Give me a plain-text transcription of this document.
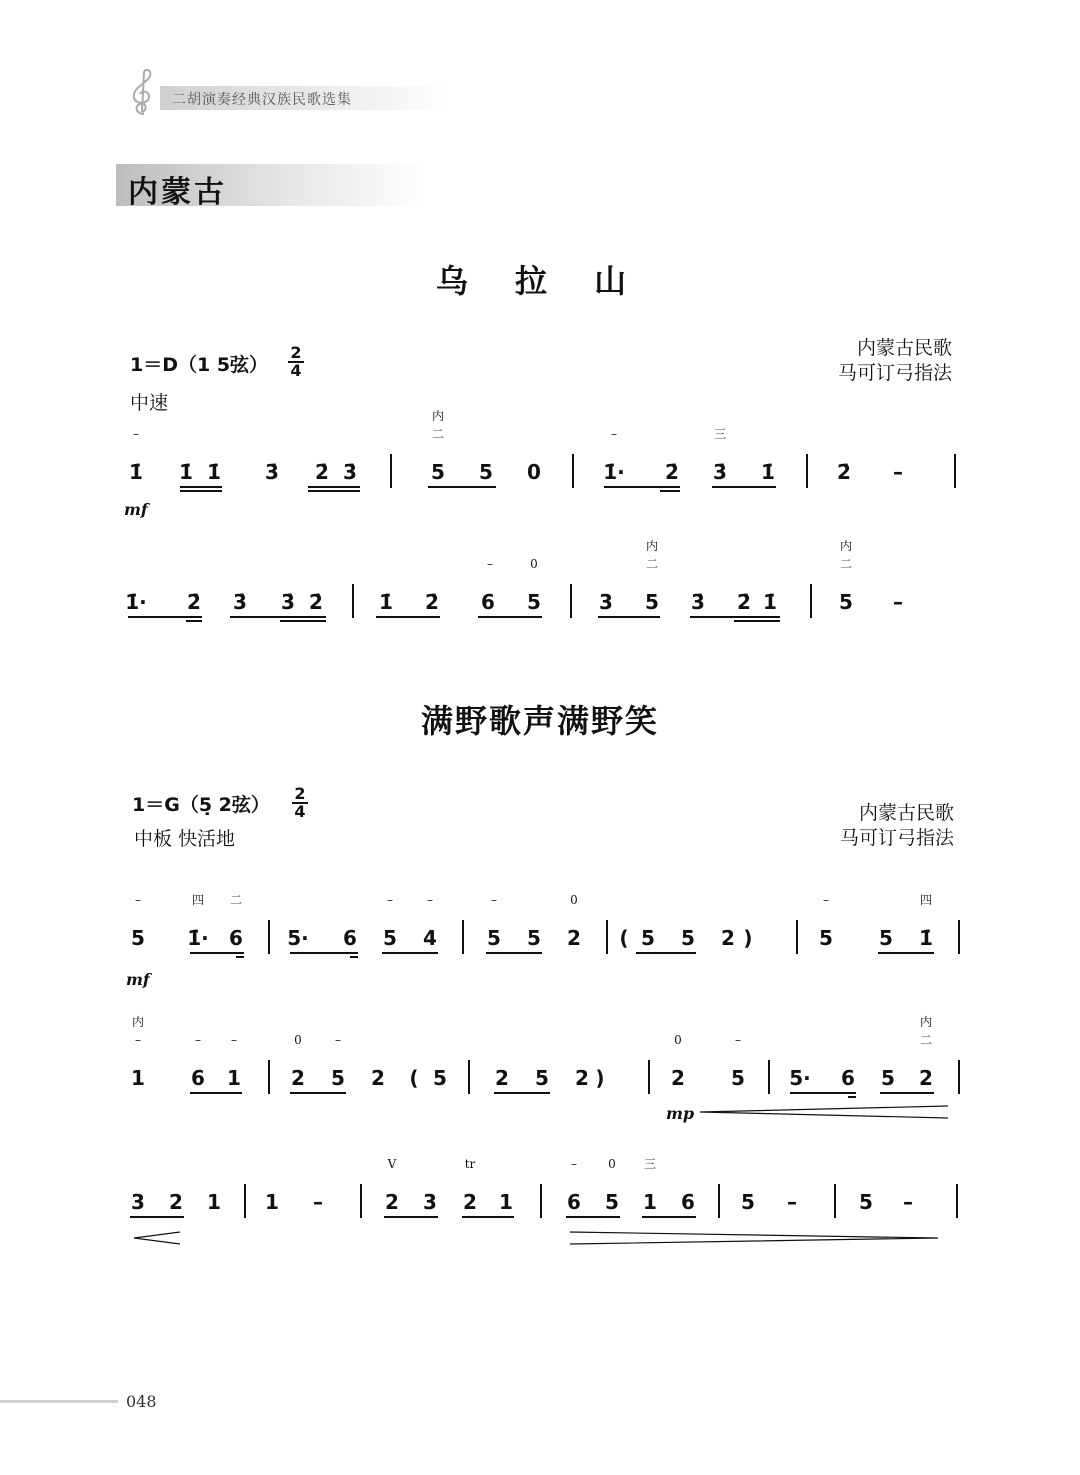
二胡演奏经典汉族民歌选集
内蒙古
乌 拉 山
1＝D（1 5弦）
2
4
中速
内蒙古民歌
马可订弓指法
1̇ 1̇ 1̇ 3̇ 2̇ 3̇	5 5 0	1̇· 2̇ 3̇ 1̇	2̇ –
–
内
二	–	三
mf
1̇· 2̇ 3̇ 3̇ 2̇	1̇ 2̇ 6 5	3 5 3̇ 2̇ 1̇	5 –
–	0
内
二
内
二
满野歌声满野笑
1＝G（5̣ 2弦）
2
4
中板 快活地
内蒙古民歌
马可订弓指法
5 1̇· 6 5· 6 5 4	5 5 2 ( 5 5 2 )	5 5 1̇
–	四 二	–	–	–	0	–	四
mf
1 6 1	2 5 2 ( 5 2 5 2 )	2 5 5· 6 5 2
内
–	–	–	0	–	0	–
内
二
mp
3 2 1 1 –	2 3 2 1	6 5 1 6 5 –	5 –
V	tr	–	0 三
048
